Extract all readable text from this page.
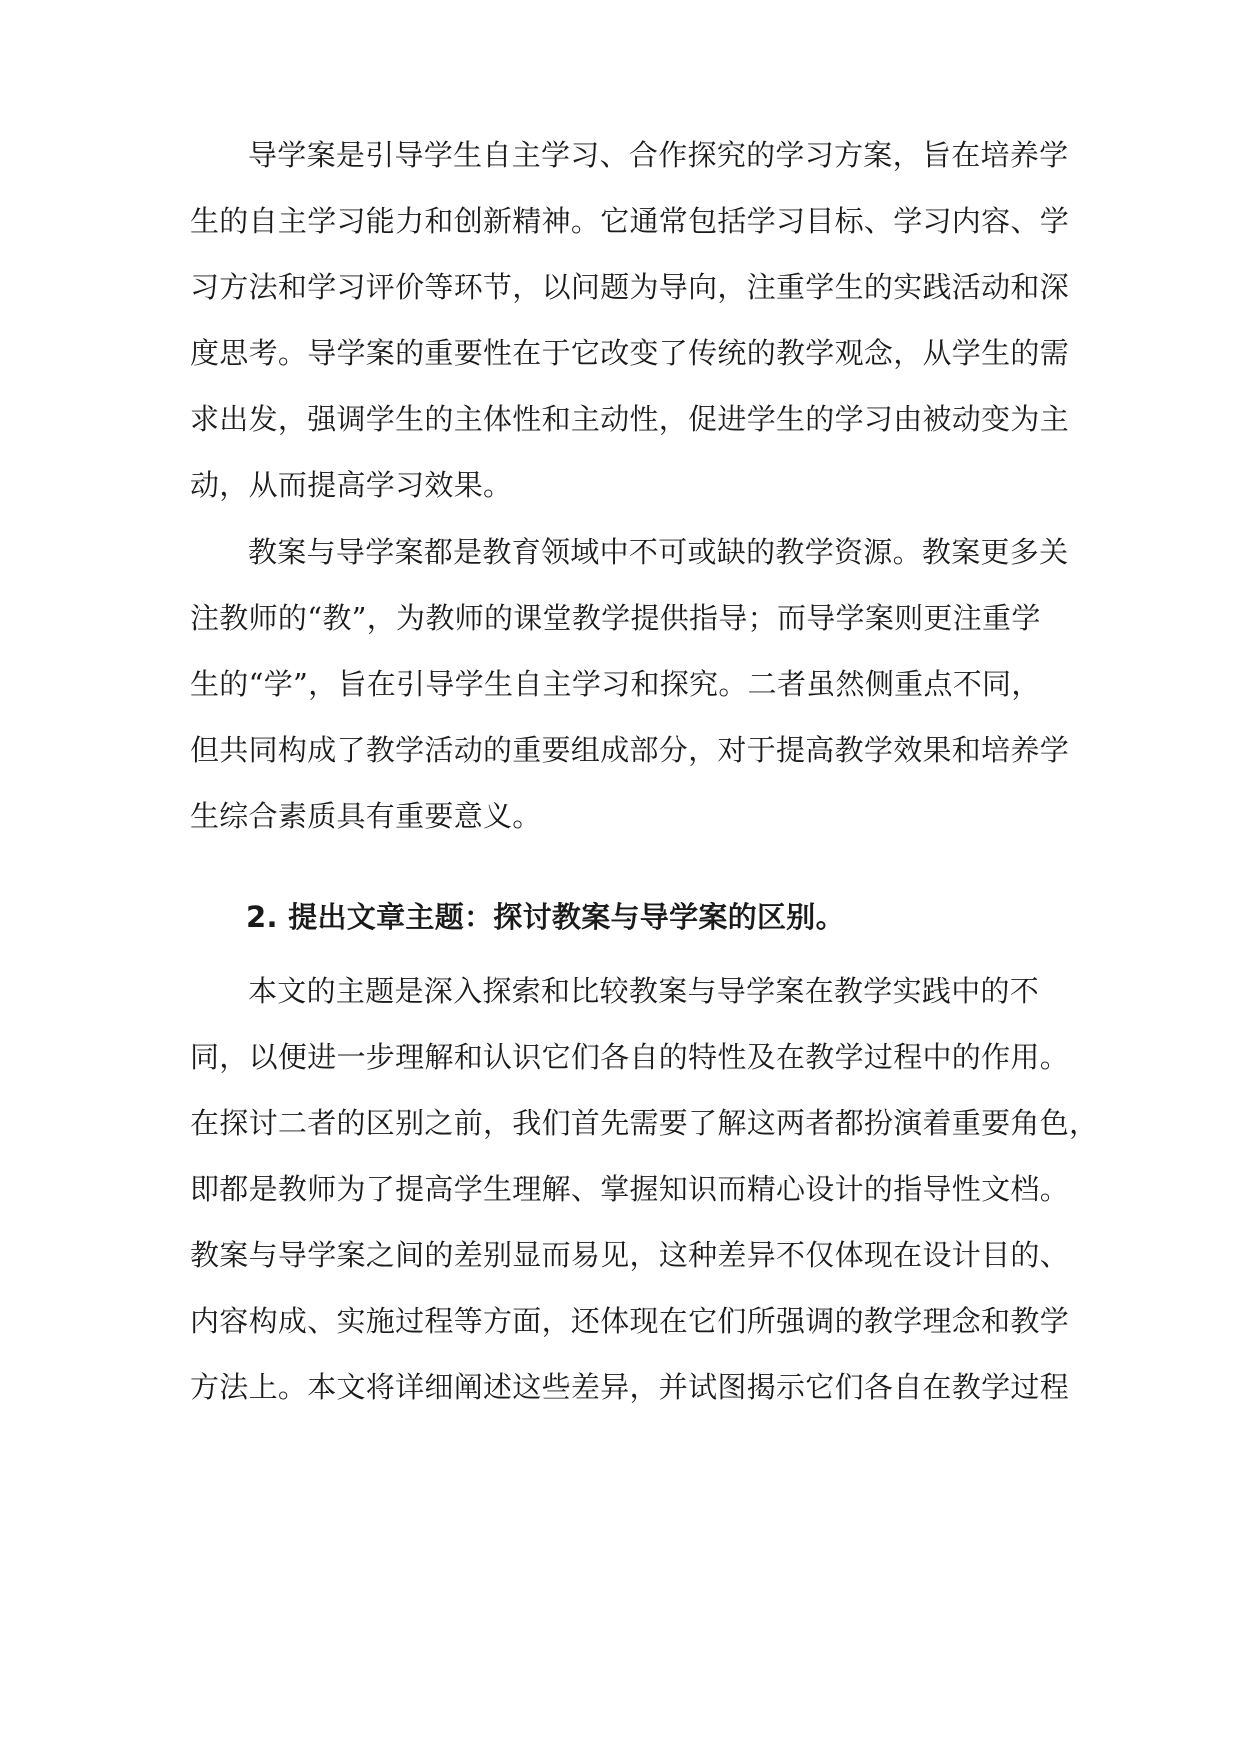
导学案是引导学生自主学习、合作探究的学习方案，旨在培养学
生的自主学习能力和创新精神。它通常包括学习目标、学习内容、学
习方法和学习评价等环节，以问题为导向，注重学生的实践活动和深
度思考。导学案的重要性在于它改变了传统的教学观念，从学生的需
求出发，强调学生的主体性和主动性，促进学生的学习由被动变为主
动，从而提高学习效果。
教案与导学案都是教育领域中不可或缺的教学资源。教案更多关
注教师的“教”，为教师的课堂教学提供指导；而导学案则更注重学
生的“学”，旨在引导学生自主学习和探究。二者虽然侧重点不同，
但共同构成了教学活动的重要组成部分，对于提高教学效果和培养学
生综合素质具有重要意义。
2. 提出文章主题：探讨教案与导学案的区别。
本文的主题是深入探索和比较教案与导学案在教学实践中的不
同，以便进一步理解和认识它们各自的特性及在教学过程中的作用。
在探讨二者的区别之前，我们首先需要了解这两者都扮演着重要角色，
即都是教师为了提高学生理解、掌握知识而精心设计的指导性文档。
教案与导学案之间的差别显而易见，这种差异不仅体现在设计目的、
内容构成、实施过程等方面，还体现在它们所强调的教学理念和教学
方法上。本文将详细阐述这些差异，并试图揭示它们各自在教学过程
